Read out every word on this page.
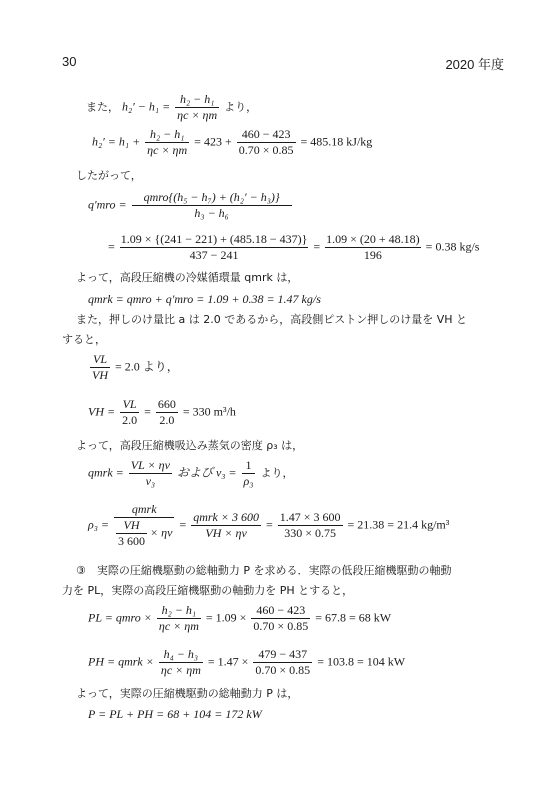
30	2020 年度
また， $h_2' - h_1 = \frac{\text{h₂ − h₁}}{\eta c \times \eta m}$ より，
$h_2' = h_1 + \frac{\text{h₂ − h₁}}{\eta c \times \eta m} = 423 + \frac{460 - 423}{0.70 \times 0.85} = 485.18$ kJ/kg
したがって，
q′mro =
qmro{(h₅ − h₇) + (h₂′ − h₃)}
h₃ − h₆
= $\frac{1.09 \times \{(241 - 221) + (485.18 - 437)\}}{437 - 241} = \frac{1.09 \times (20 + 48.18)}{196} = 0.38$ kg/s
よって，高段圧縮機の冷媒循環量 qmrk は，
qmrk = qmro + q′mro = 1.09 + 0.38 = 1.47 kg/s
また，押しのけ量比 a は 2.0 であるから，高段側ピストン押しのけ量を VH と
すると，
$\frac{VL}{VH} = 2.0$ より，
VH = $\frac{VL}{2.0} = \frac{660}{2.0} = 330$ m³/h
よって，高段圧縮機吸込み蒸気の密度 ρ₃ は，
qmrk = $\frac{VL \times \eta v}{\text{v₃}}$ および $v_3 = \frac{1}{\text{ρ₃}}$ より，
ρ₃ =
qmrk
$\frac{VH}{3 600} \times \eta v$
=
qmrk × 3 600
VH × ηv
= $\frac{1.47 \times 3 600}{330 \times 0.75} = 21.38 = 21.4$ kg/m³
③　実際の圧縮機駆動の総軸動力 P を求める．実際の低段圧縮機駆動の軸動
力を PL，実際の高段圧縮機駆動の軸動力を PH とすると，
PL = qmro × $\frac{\text{h₂ − h₁}}{\eta c \times \eta m} = 1.09 \times \frac{460 - 423}{0.70 \times 0.85} = 67.8 = 68$ kW
PH = qmrk × $\frac{\text{h₄ − h₃}}{\eta c \times \eta m} = 1.47 \times \frac{479 - 437}{0.70 \times 0.85} = 103.8 = 104$ kW
よって，実際の圧縮機駆動の総軸動力 P は，
P = PL + PH = 68 + 104 = 172 kW
